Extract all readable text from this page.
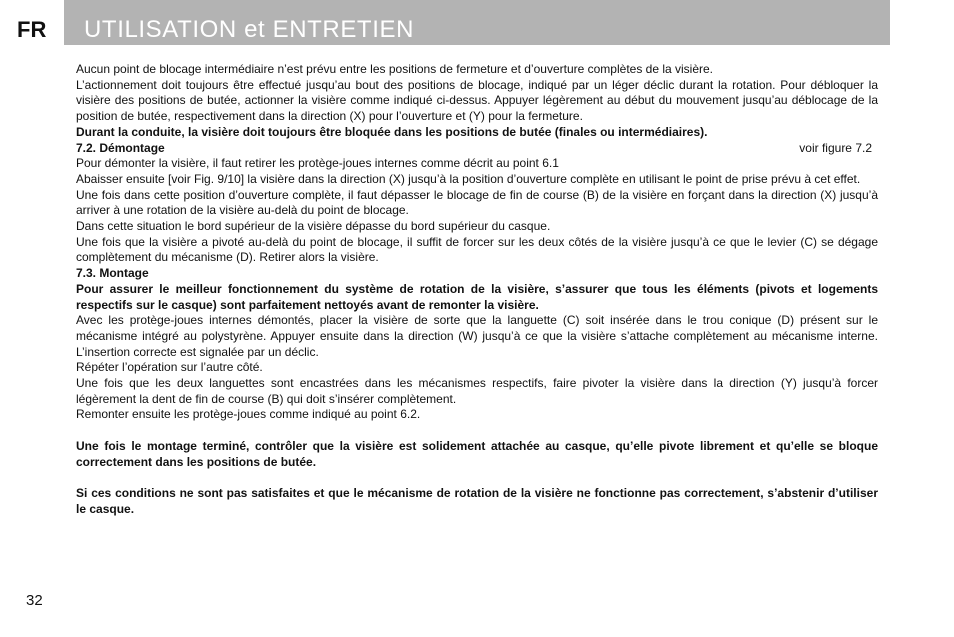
FR UTILISATION et ENTRETIEN

Aucun point de blocage intermédiaire n’est prévu entre les positions de fermeture et d’ouverture complètes de la visière.

L’actionnement doit toujours être effectué jusqu’au bout des positions de blocage, indiqué par un léger déclic durant la rotation. Pour débloquer la visière des positions de butée, actionner la visière comme indiqué ci-dessus. Appuyer légèrement au début du mouvement jusqu’au déblocage de la position de butée, respectivement dans la direction (X) pour l’ouverture et (Y) pour la fermeture.

Durant la conduite, la visière doit toujours être bloquée dans les positions de butée (finales ou intermédiaires).

7.2. Démontage	voir figure 7.2

Pour démonter la visière, il faut retirer les protège-joues internes comme décrit au point 6.1

Abaisser ensuite [voir Fig. 9/10] la visière dans la direction (X) jusqu’à la position d’ouverture complète en utilisant le point de prise prévu à cet effet.

Une fois dans cette position d’ouverture complète, il faut dépasser le blocage de fin de course (B) de la visière en forçant dans la direction (X) jusqu’à arriver à une rotation de la visière au-delà du point de blocage.

Dans cette situation le bord supérieur de la visière dépasse du bord supérieur du casque.

Une fois que la visière a pivoté au-delà du point de blocage, il suffit de forcer sur les deux côtés de la visière jusqu’à ce que le levier (C) se dégage complètement du mécanisme (D). Retirer alors la visière.

7.3. Montage

Pour assurer le meilleur fonctionnement du système de rotation de la visière, s’assurer que tous les éléments (pivots et logements respectifs sur le casque) sont parfaitement nettoyés avant de remonter la visière.

Avec les protège-joues internes démontés, placer la visière de sorte que la languette (C) soit insérée dans le trou conique (D) présent sur le mécanisme intégré au polystyrène. Appuyer ensuite dans la direction (W) jusqu’à ce que la visière s’attache complètement au mécanisme interne. L’insertion correcte est signalée par un déclic.

Répéter l’opération sur l’autre côté.

Une fois que les deux languettes sont encastrées dans les mécanismes respectifs, faire pivoter la visière dans la direction (Y) jusqu’à forcer légèrement la dent de fin de course (B) qui doit s’insérer complètement.

Remonter ensuite les protège-joues comme indiqué au point 6.2.

Une fois le montage terminé, contrôler que la visière est solidement attachée au casque, qu’elle pivote librement et qu’elle se bloque correctement dans les positions de butée.

Si ces conditions ne sont pas satisfaites et que le mécanisme de rotation de la visière ne fonctionne pas correctement, s’abstenir d’utiliser le casque.

32
